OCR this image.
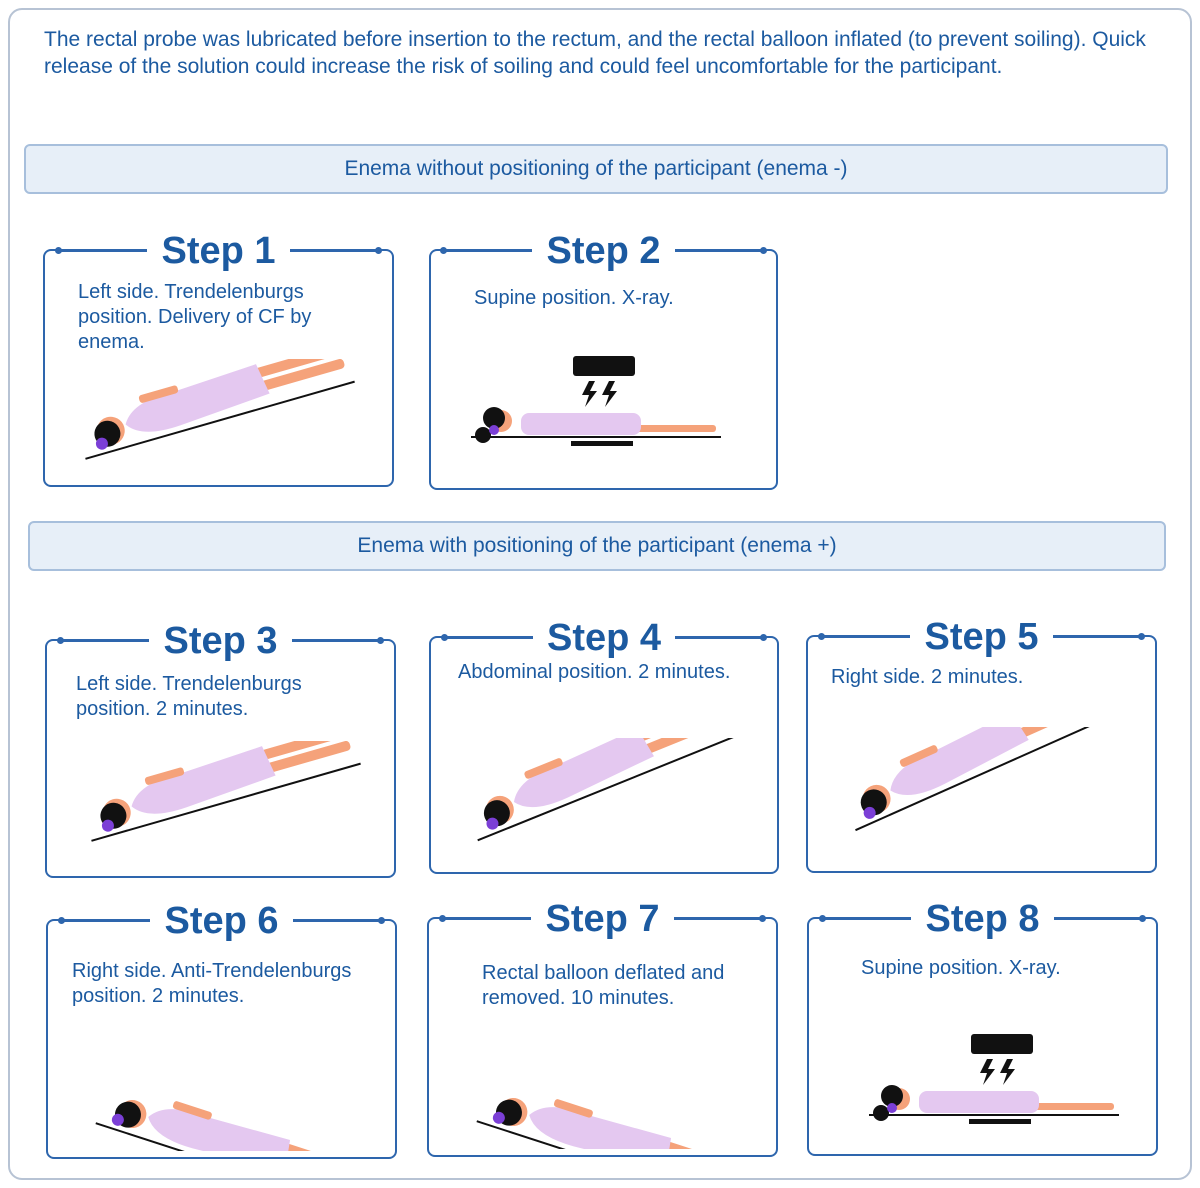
The rectal probe was lubricated before insertion to the rectum, and the rectal balloon inflated (to prevent soiling). Quick release of the solution could increase the risk of soiling and could feel uncomfortable for the participant.
Enema without positioning of the participant (enema -)
Enema with positioning of the participant (enema +)
Step 1
Left side. Trendelenburgs position. Delivery of CF by enema.
Step 2
Supine position. X-ray.
Step 3
Left side. Trendelenburgs position. 2 minutes.
Step 4
Abdominal position. 2 minutes.
Step 5
Right side. 2 minutes.
Step 6
Right side. Anti-Trendelenburgs position. 2 minutes.
Step 7
Rectal balloon deflated and removed. 10 minutes.
Step 8
Supine position. X-ray.
